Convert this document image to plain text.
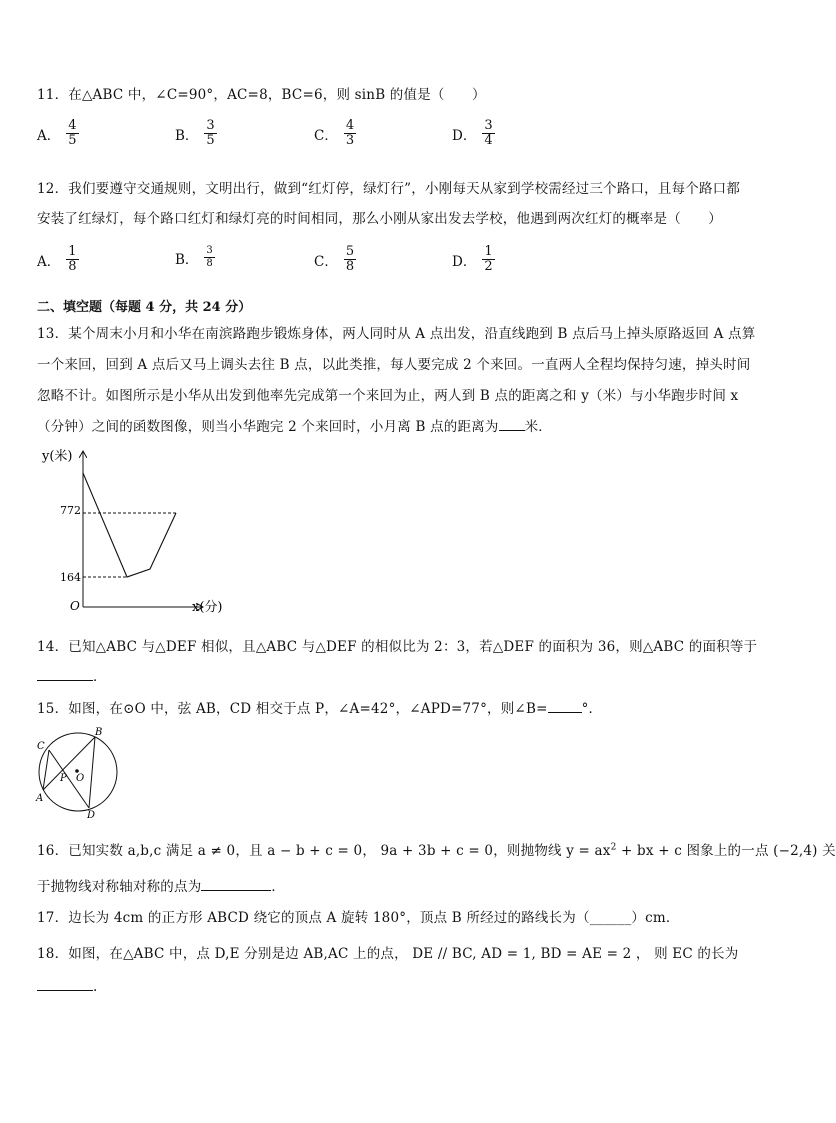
11．在△ABC 中，∠C=90°，AC=8，BC=6，则 sinB 的值是（　　）
A． $\frac{4}{5}$	B． $\frac{3}{5}$	C． $\frac{4}{3}$	D． $\frac{3}{4}$
12．我们要遵守交通规则，文明出行，做到“红灯停，绿灯行”，小刚每天从家到学校需经过三个路口，且每个路口都
安装了红绿灯，每个路口红灯和绿灯亮的时间相同，那么小刚从家出发去学校，他遇到两次红灯的概率是（　　）
A． $\frac{1}{8}$	B． $\frac{3}{8}$	C． $\frac{5}{8}$	D． $\frac{1}{2}$
二、填空题（每题 4 分，共 24 分）
13．某个周末小月和小华在南滨路跑步锻炼身体，两人同时从 A 点出发，沿直线跑到 B 点后马上掉头原路返回 A 点算
一个来回，回到 A 点后又马上调头去往 B 点，以此类推，每人要完成 2 个来回。一直两人全程均保持匀速，掉头时间
忽略不计。如图所示是小华从出发到他率先完成第一个来回为止，两人到 B 点的距离之和 y（米）与小华跑步时间 x
（分钟）之间的函数图像，则当小华跑完 2 个来回时，小月离 B 点的距离为 米．
y(米)
x(分)
O
772
164
14．已知△ABC 与△DEF 相似，且△ABC 与△DEF 的相似比为 2：3，若△DEF 的面积为 36，则△ABC 的面积等于
．
15．如图，在⊙O 中，弦 AB，CD 相交于点 P，∠A=42°，∠APD=77°，则∠B=	°．
C
B
A
D
P O
16．已知实数 a,b,c 满足 a ≠ 0，且 a − b + c = 0， 9a + 3b + c = 0，则抛物线 $y = ax^2$ + bx + c 图象上的一点 (−2,4) 关
于抛物线对称轴对称的点为	．
17．边长为 4cm 的正方形 ABCD 绕它的顶点 A 旋转 180°，顶点 B 所经过的路线长为（______）cm．
18．如图，在△ABC 中，点 D,E 分别是边 AB,AC 上的点， DE // BC, AD = 1, BD = AE = 2 ， 则 EC 的长为
.
